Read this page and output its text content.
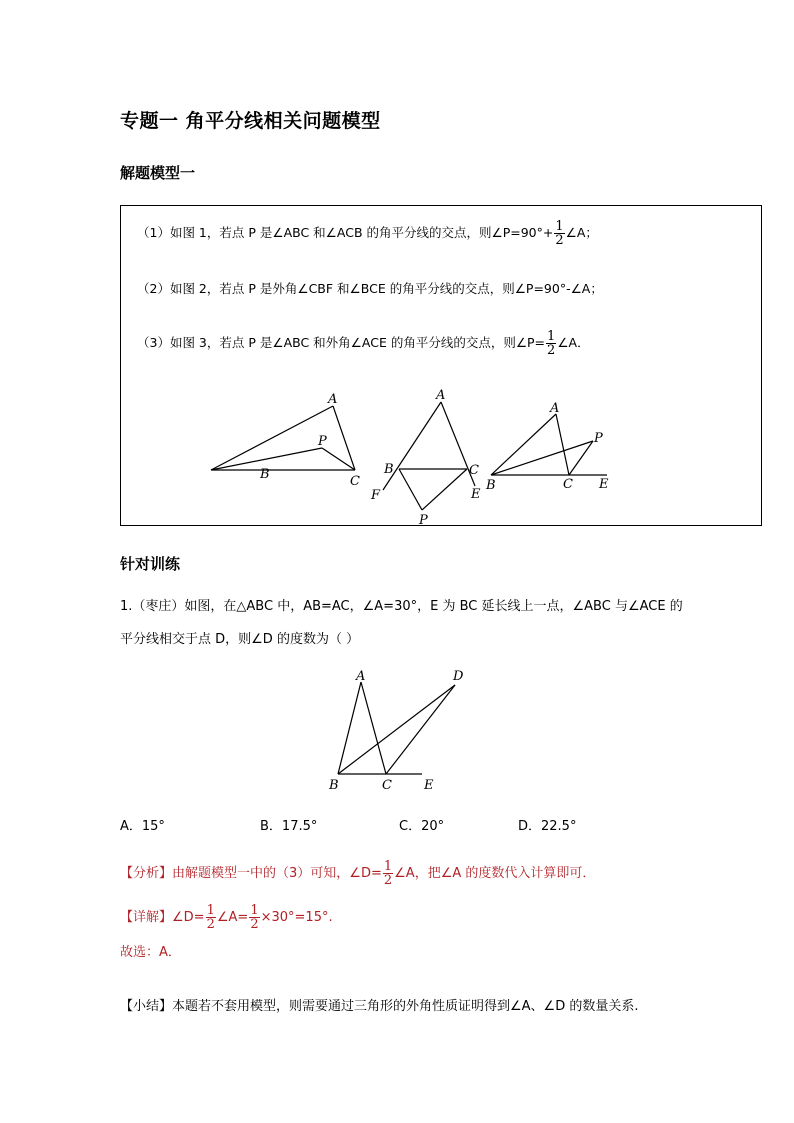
专题一 角平分线相关问题模型
解题模型一
（1）如图 1，若点 P 是∠ABC 和∠ACB 的角平分线的交点，则∠P=90°+ $\frac{1}{2}$ ∠A；
（2）如图 2，若点 P 是外角∠CBF 和∠BCE 的角平分线的交点，则∠P=90°-∠A；
（3）如图 3，若点 P 是∠ABC 和外角∠ACE 的角平分线的交点，则∠P= $\frac{1}{2}$ ∠A．
A
B	C
P
A
B	C
E
F
P
A
B	C E
P
针对训练
1.（枣庄）如图，在△ABC 中，AB=AC，∠A=30°，E 为 BC 延长线上一点，∠ABC 与∠ACE 的
平分线相交于点 D，则∠D 的度数为（ ）
A
B	C
D
E
A．15°	B．17.5°	C．20°	D．22.5°
【分析】由解题模型一中的（3）可知，∠D= $\frac{1}{2}$ ∠A，把∠A 的度数代入计算即可．
【详解】∠D= $\frac{1}{2}$ ∠A= $\frac{1}{2} \times 30^\circ=15^\circ$.
故选：A．
【小结】本题若不套用模型，则需要通过三角形的外角性质证明得到∠A、∠D 的数量关系.
